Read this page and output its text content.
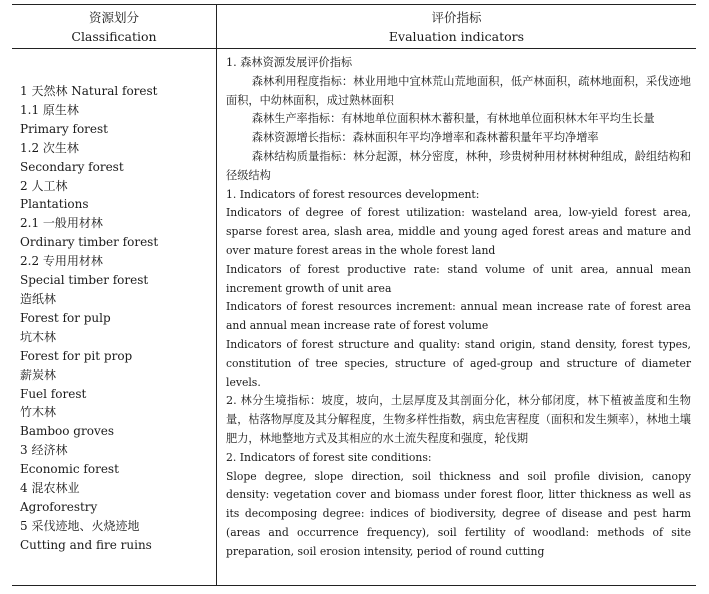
资源划分
Classification
评价指标
Evaluation indicators
1 天然林 Natural forest
1.1 原生林
Primary forest
1.2 次生林
Secondary forest
2 人工林
Plantations
2.1 一般用材林
Ordinary timber forest
2.2 专用用材林
Special timber forest
造纸林
Forest for pulp
坑木林
Forest for pit prop
薪炭林
Fuel forest
竹木林
Bamboo groves
3 经济林
Economic forest
4 混农林业
Agroforestry
5 采伐迹地、火烧迹地
Cutting and fire ruins

1. 森林资源发展评价指标

森林利用程度指标：林业用地中宜林荒山荒地面积，低产林面积，疏林地面积，采伐迹地面积，中幼林面积，成过熟林面积

森林生产率指标：有林地单位面积林木蓄积量，有林地单位面积林木年平均生长量

森林资源增长指标：森林面积年平均净增率和森林蓄积量年平均净增率

森林结构质量指标：林分起源，林分密度，林种，珍贵树种用材林树种组成，龄组结构和径级结构

1. Indicators of forest resources development:

Indicators of degree of forest utilization: wasteland area, low-yield forest area, sparse forest area, slash area, middle and young aged forest areas and mature and over mature forest areas in the whole forest land

Indicators of forest productive rate: stand volume of unit area, annual mean increment growth of unit area

Indicators of forest resources increment: annual mean increase rate of forest area and annual mean increase rate of forest volume

Indicators of forest structure and quality: stand origin, stand density, forest types, constitution of tree species, structure of aged-group and structure of diameter levels.

2. 林分生境指标：坡度，坡向，土层厚度及其剖面分化，林分郁闭度，林下植被盖度和生物量，枯落物厚度及其分解程度，生物多样性指数，病虫危害程度（面积和发生频率），林地土壤肥力，林地整地方式及其相应的水土流失程度和强度，轮伐期

2. Indicators of forest site conditions:

Slope degree, slope direction, soil thickness and soil profile division, canopy density: vegetation cover and biomass under forest floor, litter thickness as well as its decomposing degree: indices of biodiversity, degree of disease and pest harm (areas and occurrence frequency), soil fertility of woodland: methods of site preparation, soil erosion intensity, period of round cutting
